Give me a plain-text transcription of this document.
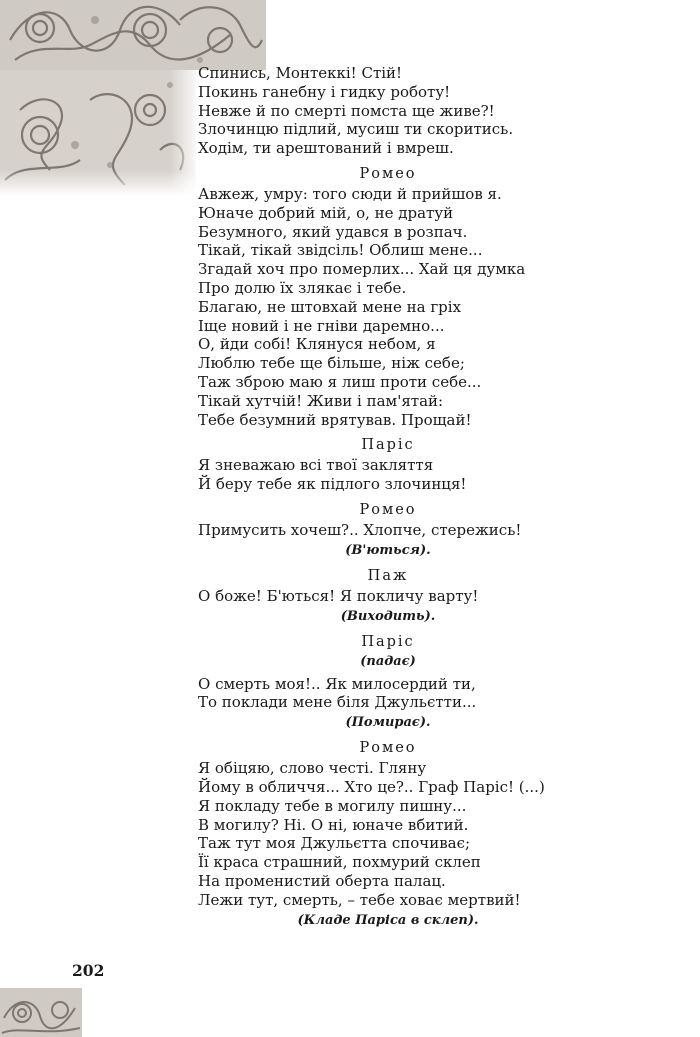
Спинись, Монтеккі! Стій!
Покинь ганебну і гидку роботу!
Невже й по смерті помста ще живе?!
Злочинцю підлий, мусиш ти скоритись.
Ходім, ти арештований і вмреш.
Ромео
Авжеж, умру: того сюди й прийшов я.
Юначе добрий мій, о, не дратуй
Безумного, який удався в розпач.
Тікай, тікай звідсіль! Облиш мене...
Згадай хоч про померлих... Хай ця думка
Про долю їх злякає і тебе.
Благаю, не штовхай мене на гріх
Іще новий і не гніви даремно...
О, йди собі! Клянуся небом, я
Люблю тебе ще більше, ніж себе;
Таж зброю маю я лиш проти себе...
Тікай хутчій! Живи і пам'ятай:
Тебе безумний врятував. Прощай!
Паріс
Я зневажаю всі твої закляття
Й беру тебе як підлого злочинця!
Ромео
Примусить хочеш?.. Хлопче, стережись!
(В'ються).
Паж
О боже! Б'ються! Я покличу варту!
(Виходить).
Паріс
(падає)
О смерть моя!.. Як милосердий ти,
То поклади мене біля Джульєтти...
(Помирає).
Ромео
Я обіцяю, слово честі. Гляну
Йому в обличчя... Хто це?.. Граф Паріс! (...)
Я покладу тебе в могилу пишну...
В могилу? Ні. О ні, юначе вбитий.
Таж тут моя Джульєтта спочиває;
Її краса страшний, похмурий склеп
На променистий оберта палац.
Лежи тут, смерть, – тебе ховає мертвий!
(Кладе Паріса в склеп).
202
